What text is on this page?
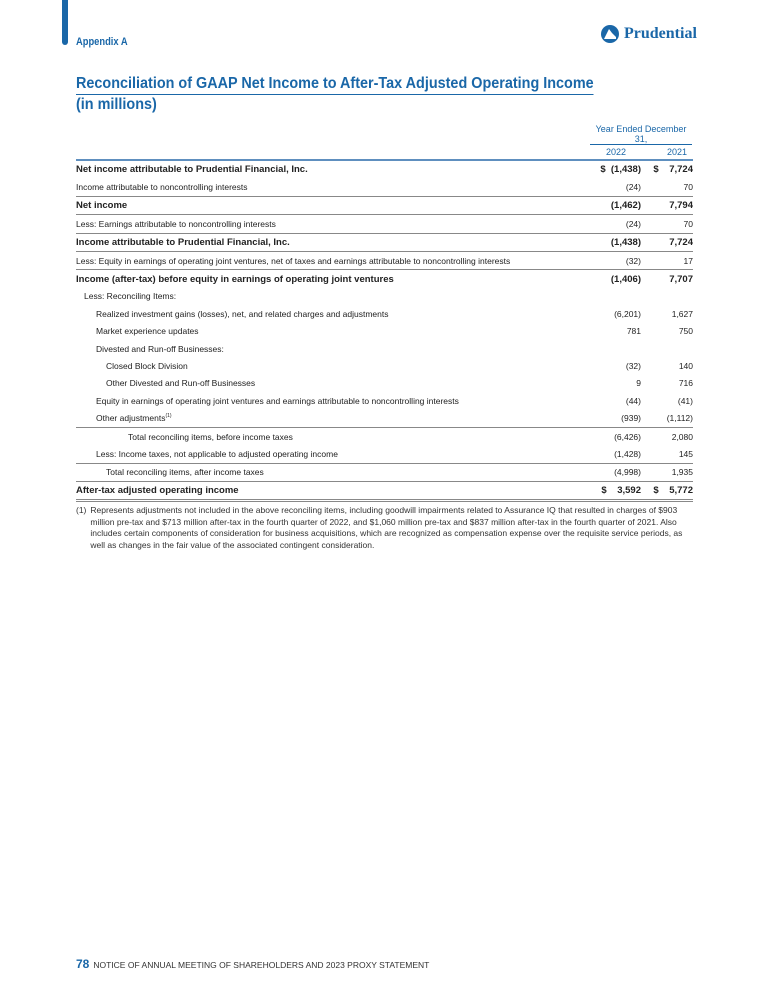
Appendix A	Prudential
Reconciliation of GAAP Net Income to After-Tax Adjusted Operating Income
(in millions)
Year Ended December 31,
2022	2021
Net income attributable to Prudential Financial, Inc.	$  (1,438)	$    7,724
Income attributable to noncontrolling interests	(24)	70
Net income	(1,462)	7,794
Less: Earnings attributable to noncontrolling interests	(24)	70
Income attributable to Prudential Financial, Inc.	(1,438)	7,724
Less: Equity in earnings of operating joint ventures, net of taxes and earnings attributable to noncontrolling interests	(32)	17
Income (after-tax) before equity in earnings of operating joint ventures	(1,406)	7,707
Less: Reconciling Items:		
Realized investment gains (losses), net, and related charges and adjustments	(6,201)	1,627
Market experience updates	781	750
Divested and Run-off Businesses:		
Closed Block Division	(32)	140
Other Divested and Run-off Businesses	9	716
Equity in earnings of operating joint ventures and earnings attributable to noncontrolling interests	(44)	(41)
Other adjustments$^{(1)}$	(939)	(1,112)
Total reconciling items, before income taxes	(6,426)	2,080
Less: Income taxes, not applicable to adjusted operating income	(1,428)	145
Total reconciling items, after income taxes	(4,998)	1,935
After-tax adjusted operating income	$    3,592	$    5,772
(1) Represents adjustments not included in the above reconciling items, including goodwill impairments related to Assurance IQ that resulted in charges of $903 million pre-tax and $713 million after-tax in the fourth quarter of 2022, and $1,060 million pre-tax and $837 million after-tax in the fourth quarter of 2021. Also includes certain components of consideration for business acquisitions, which are recognized as compensation expense over the requisite service periods, as well as changes in the fair value of the associated contingent consideration.
78 NOTICE OF ANNUAL MEETING OF SHAREHOLDERS AND 2023 PROXY STATEMENT
